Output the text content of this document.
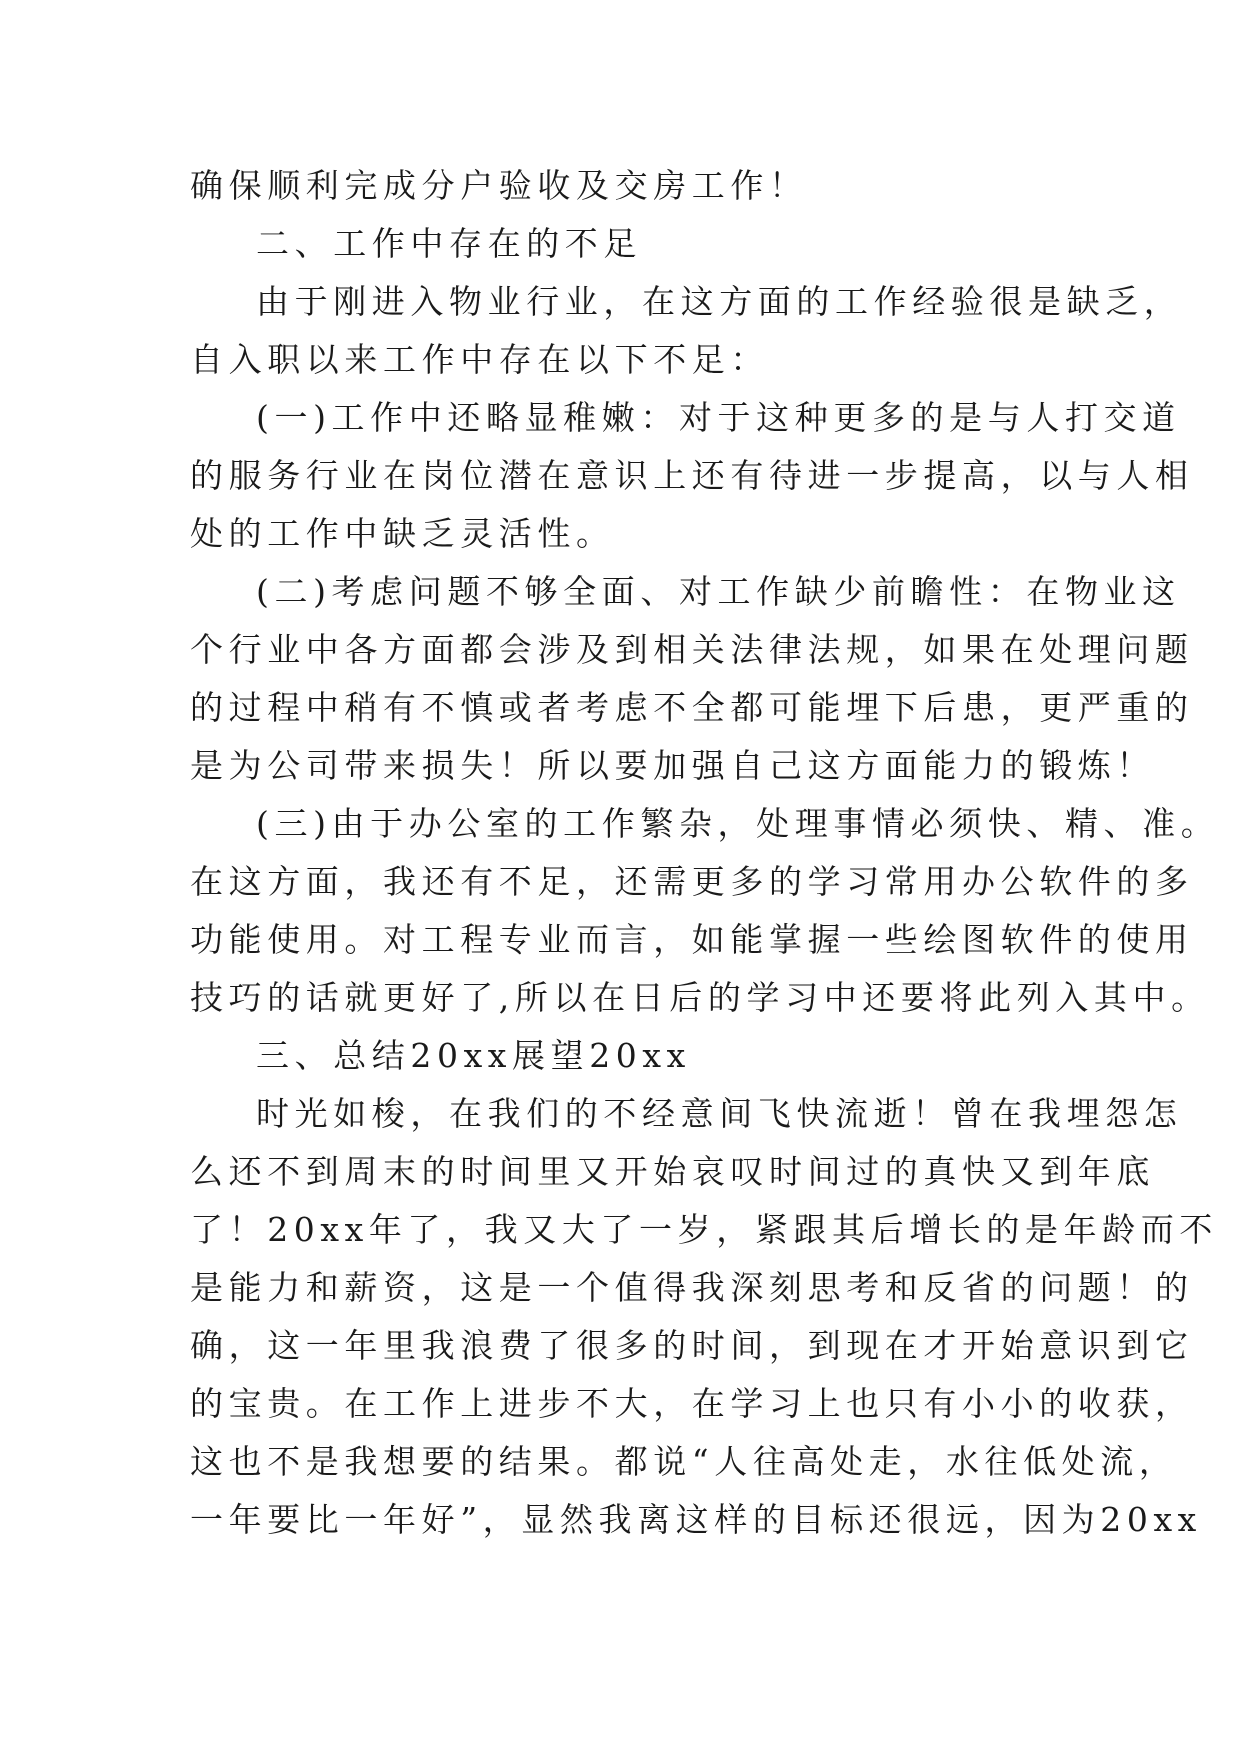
确保顺利完成分户验收及交房工作！
二、工作中存在的不足
由于刚进入物业行业，在这方面的工作经验很是缺乏，
自入职以来工作中存在以下不足：
(一)工作中还略显稚嫩：对于这种更多的是与人打交道
的服务行业在岗位潜在意识上还有待进一步提高，以与人相
处的工作中缺乏灵活性。
(二)考虑问题不够全面、对工作缺少前瞻性：在物业这
个行业中各方面都会涉及到相关法律法规，如果在处理问题
的过程中稍有不慎或者考虑不全都可能埋下后患，更严重的
是为公司带来损失！所以要加强自己这方面能力的锻炼！
(三)由于办公室的工作繁杂，处理事情必须快、精、准。
在这方面，我还有不足，还需更多的学习常用办公软件的多
功能使用。对工程专业而言，如能掌握一些绘图软件的使用
技巧的话就更好了,所以在日后的学习中还要将此列入其中。
三、总结20xx展望20xx
时光如梭，在我们的不经意间飞快流逝！曾在我埋怨怎
么还不到周末的时间里又开始哀叹时间过的真快又到年底
了！20xx年了，我又大了一岁，紧跟其后增长的是年龄而不
是能力和薪资，这是一个值得我深刻思考和反省的问题！的
确，这一年里我浪费了很多的时间，到现在才开始意识到它
的宝贵。在工作上进步不大，在学习上也只有小小的收获，
这也不是我想要的结果。都说“人往高处走，水往低处流，
一年要比一年好”，显然我离这样的目标还很远，因为20xx
